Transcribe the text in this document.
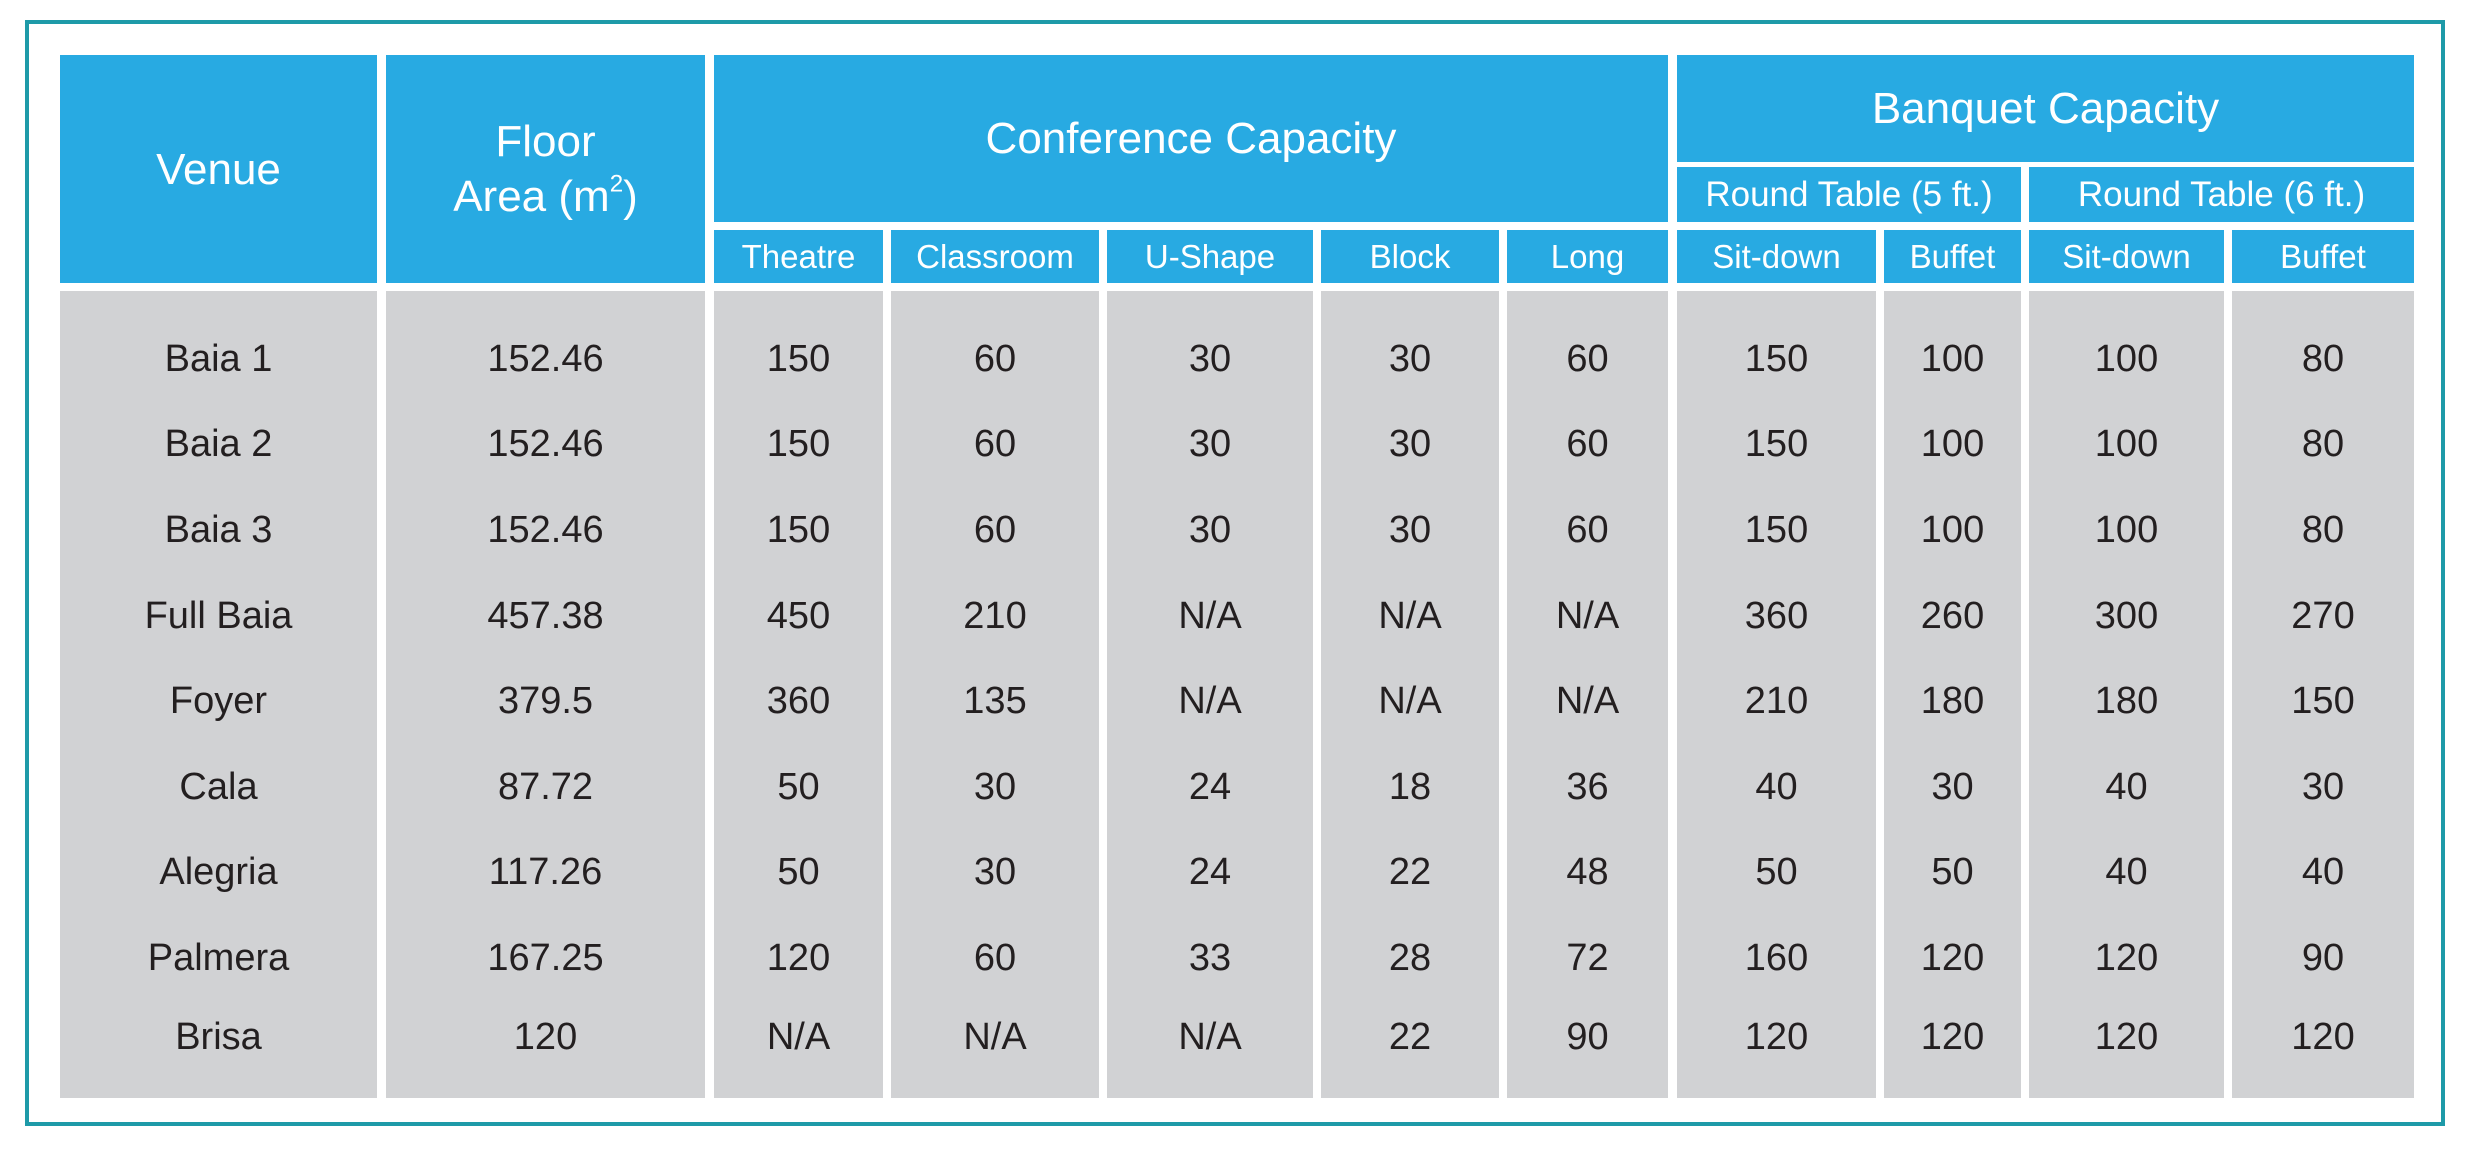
Venue
Floor
Area $(m^2)$
Conference Capacity
Banquet Capacity
Round Table (5 ft.) Round Table (6 ft.)
Theatre Classroom U-Shape	Block	Long	Sit-down Buffet Sit-down	Buffet
Baia 1	152.46	150	60	30	30	60	150	100	100	80
Baia 2	152.46	150	60	30	30	60	150	100	100	80
Baia 3	152.46	150	60	30	30	60	150	100	100	80
Full Baia	457.38	450	210	N/A	N/A	N/A	360	260	300	270
Foyer	379.5	360	135	N/A	N/A	N/A	210	180	180	150
Cala	87.72	50	30	24	18	36	40	30	40	30
Alegria	117.26	50	30	24	22	48	50	50	40	40
Palmera	167.25	120	60	33	28	72	160	120	120	90
Brisa	120	N/A	N/A	N/A	22	90	120	120	120	120
